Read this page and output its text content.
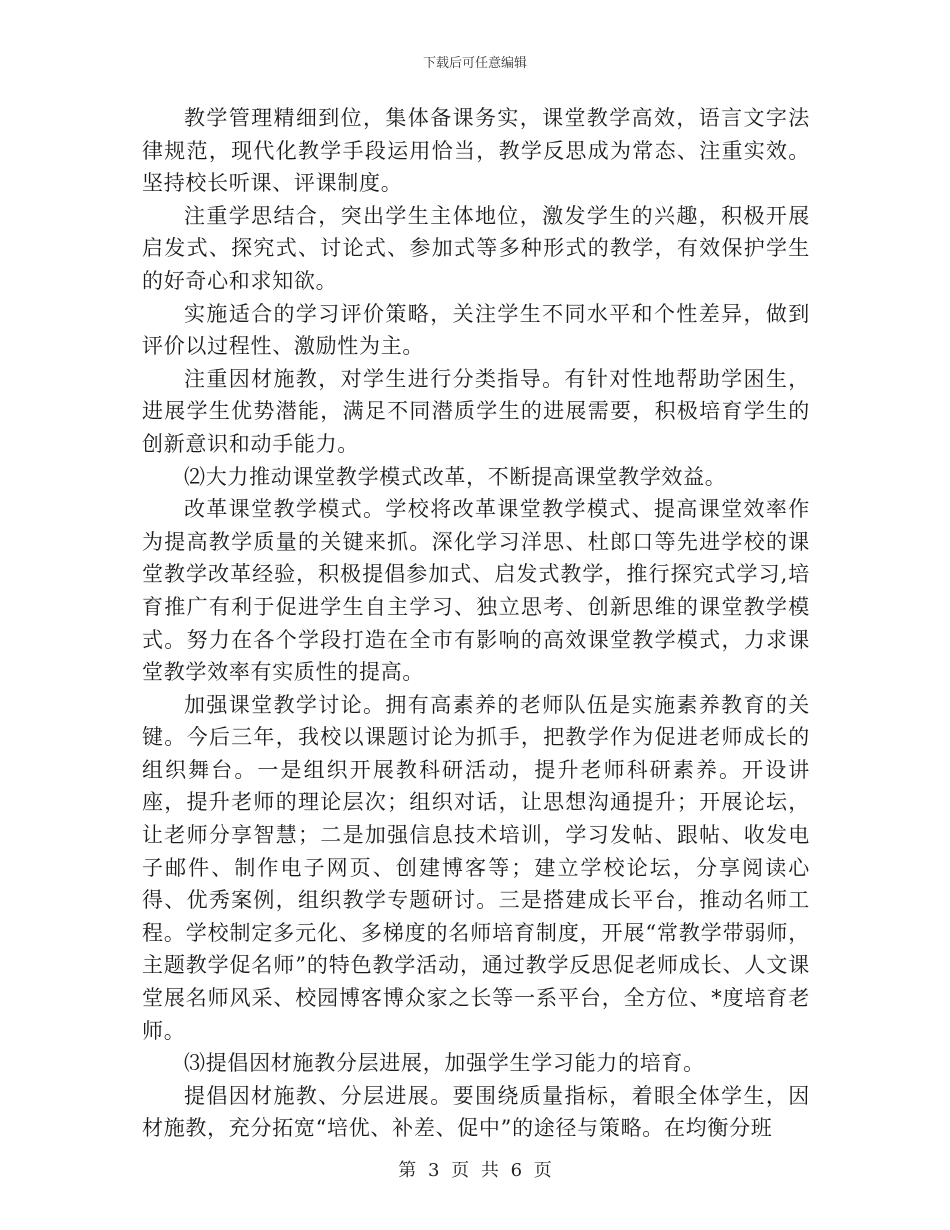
下载后可任意编辑

教学管理精细到位，集体备课务实，课堂教学高效，语言文字法律规范，现代化教学手段运用恰当，教学反思成为常态、注重实效。坚持校长听课、评课制度。

注重学思结合，突出学生主体地位，激发学生的兴趣，积极开展启发式、探究式、讨论式、参加式等多种形式的教学，有效保护学生的好奇心和求知欲。

实施适合的学习评价策略，关注学生不同水平和个性差异，做到评价以过程性、激励性为主。

注重因材施教，对学生进行分类指导。有针对性地帮助学困生，进展学生优势潜能，满足不同潜质学生的进展需要，积极培育学生的创新意识和动手能力。

⑵大力推动课堂教学模式改革，不断提高课堂教学效益。

改革课堂教学模式。学校将改革课堂教学模式、提高课堂效率作为提高教学质量的关键来抓。深化学习洋思、杜郎口等先进学校的课堂教学改革经验，积极提倡参加式、启发式教学，推行探究式学习,培育推广有利于促进学生自主学习、独立思考、创新思维的课堂教学模式。努力在各个学段打造在全市有影响的高效课堂教学模式，力求课堂教学效率有实质性的提高。

加强课堂教学讨论。拥有高素养的老师队伍是实施素养教育的关键。今后三年，我校以课题讨论为抓手，把教学作为促进老师成长的组织舞台。一是组织开展教科研活动，提升老师科研素养。开设讲座，提升老师的理论层次；组织对话，让思想沟通提升；开展论坛，让老师分享智慧；二是加强信息技术培训，学习发帖、跟帖、收发电子邮件、制作电子网页、创建博客等；建立学校论坛，分享阅读心得、优秀案例，组织教学专题研讨。三是搭建成长平台，推动名师工程。学校制定多元化、多梯度的名师培育制度，开展“常教学带弱师，主题教学促名师”的特色教学活动，通过教学反思促老师成长、人文课堂展名师风采、校园博客博众家之长等一系平台，全方位、*度培育老师。

⑶提倡因材施教分层进展，加强学生学习能力的培育。

提倡因材施教、分层进展。要围绕质量指标，着眼全体学生，因材施教，充分拓宽“培优、补差、促中”的途径与策略。在均衡分班

第 3 页 共 6 页
